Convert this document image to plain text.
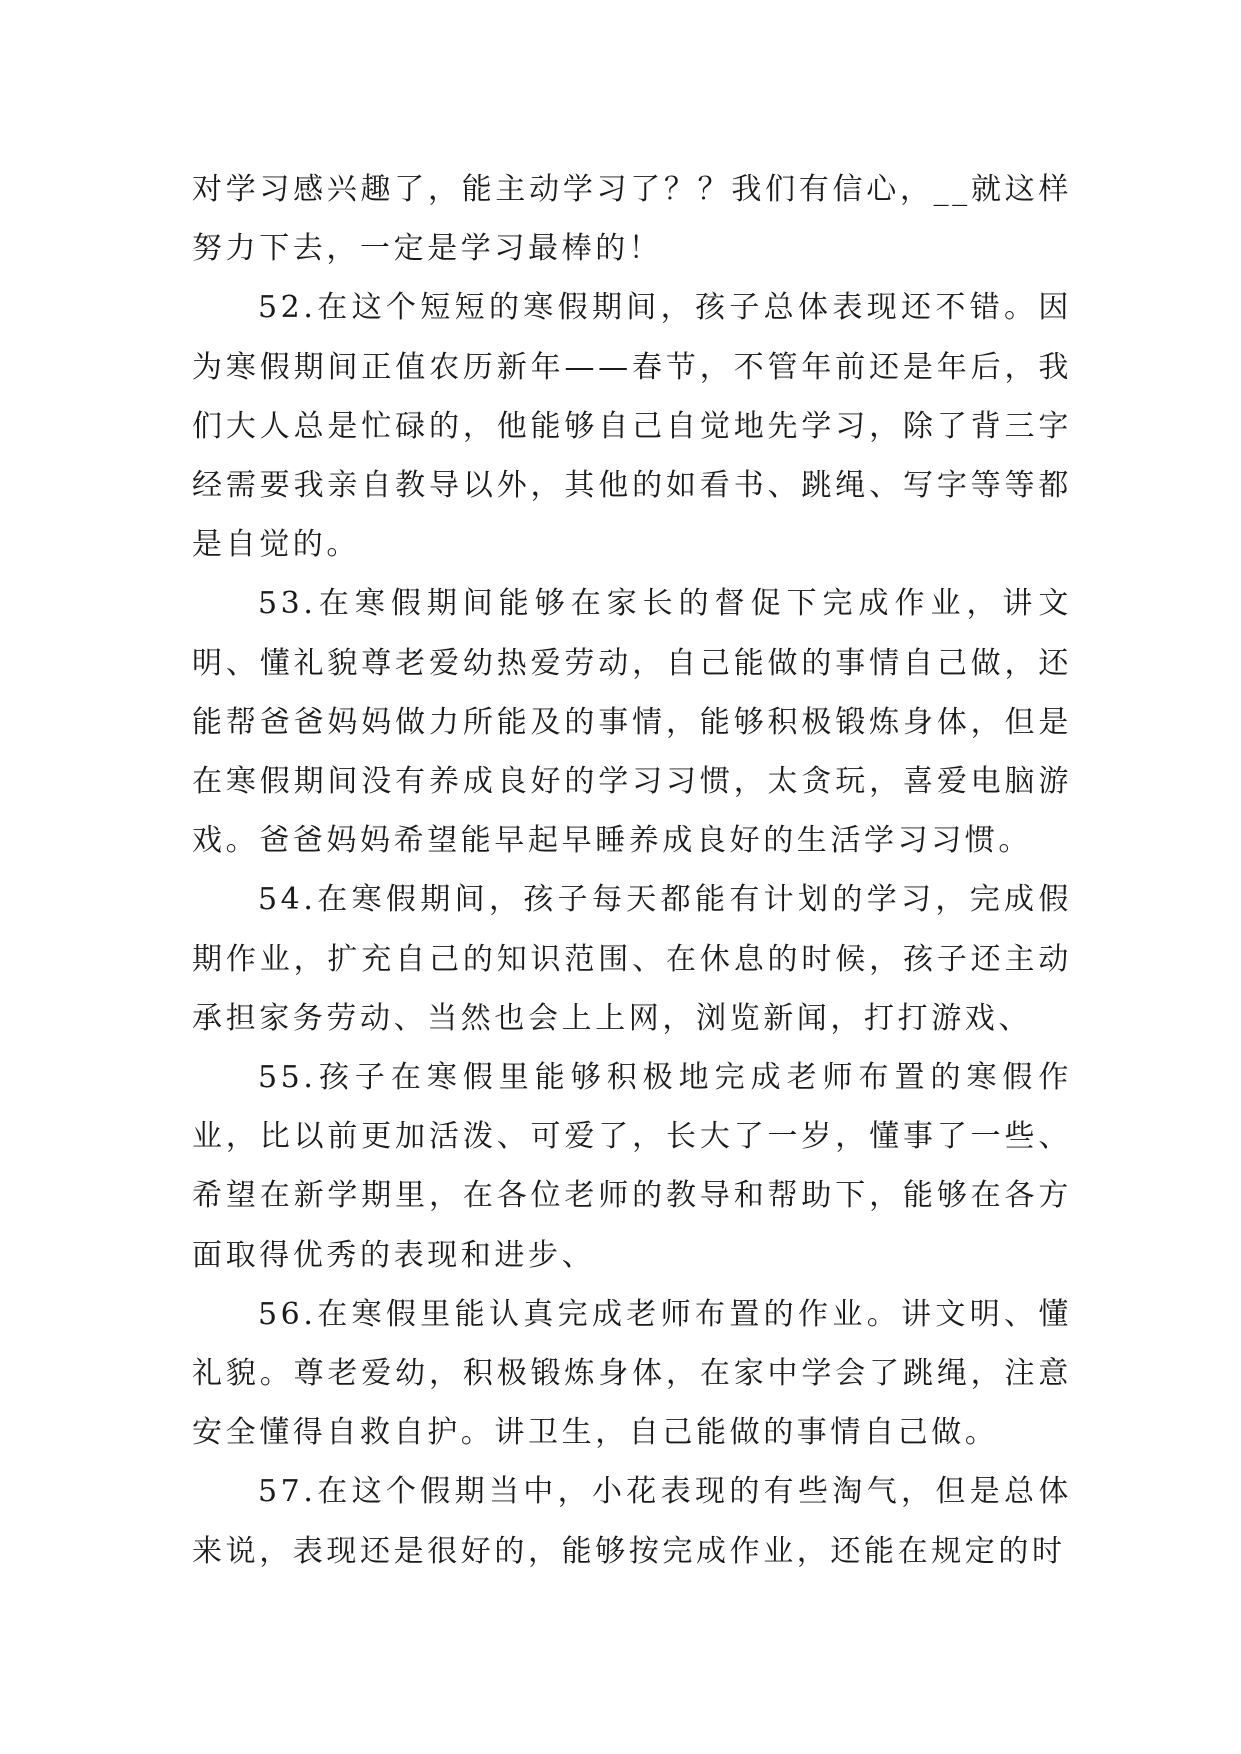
对学习感兴趣了，能主动学习了？？我们有信心，__就这样努力下去，一定是学习最棒的！

52.在这个短短的寒假期间，孩子总体表现还不错。因为寒假期间正值农历新年——春节，不管年前还是年后，我们大人总是忙碌的，他能够自己自觉地先学习，除了背三字经需要我亲自教导以外，其他的如看书、跳绳、写字等等都是自觉的。

53.在寒假期间能够在家长的督促下完成作业，讲文明、懂礼貌尊老爱幼热爱劳动，自己能做的事情自己做，还能帮爸爸妈妈做力所能及的事情，能够积极锻炼身体，但是在寒假期间没有养成良好的学习习惯，太贪玩，喜爱电脑游戏。爸爸妈妈希望能早起早睡养成良好的生活学习习惯。

54.在寒假期间，孩子每天都能有计划的学习，完成假期作业，扩充自己的知识范围、在休息的时候，孩子还主动承担家务劳动、当然也会上上网，浏览新闻，打打游戏、

55.孩子在寒假里能够积极地完成老师布置的寒假作业，比以前更加活泼、可爱了，长大了一岁，懂事了一些、希望在新学期里，在各位老师的教导和帮助下，能够在各方面取得优秀的表现和进步、

56.在寒假里能认真完成老师布置的作业。讲文明、懂礼貌。尊老爱幼，积极锻炼身体，在家中学会了跳绳，注意安全懂得自救自护。讲卫生，自己能做的事情自己做。

57.在这个假期当中，小花表现的有些淘气，但是总体来说，表现还是很好的，能够按完成作业，还能在规定的时
